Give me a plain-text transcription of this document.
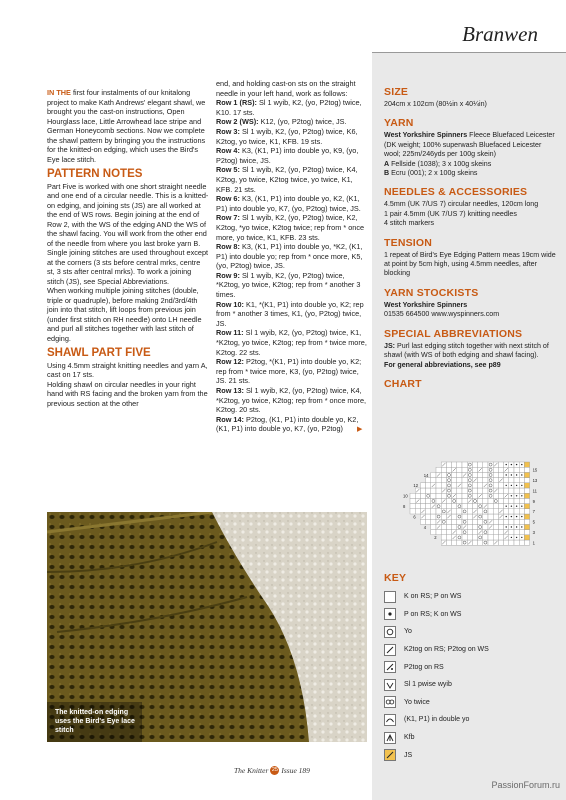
Branwen

IN THE first four instalments of our knitalong project to make Kath Andrews' elegant shawl, we brought you the cast-on instructions, Open Hourglass lace, Little Arrowhead lace stripe and German Honeycomb sections. Now we complete the shawl pattern by bringing you the instructions for the knitted-on edging, which uses the Bird's Eye lace stitch.

PATTERN NOTES

Part Five is worked with one short straight needle and one end of a circular needle. This is a knitted-on edging, and joining sts (JS) are all worked at the end of WS rows. Begin joining at the end of Row 2, with the WS of the edging AND the WS of the shawl facing. You will work from the other end of the needle from where you last broke yarn B. Single joining stitches are used throughout except at the corners (3 sts before central mrks, centre st, 3 sts after central mrks). To work a joining stitch (JS), see Special Abbreviations.

When working multiple joining stitches (double, triple or quadruple), before making 2nd/3rd/4th join into that stitch, lift loops from previous join (under first stitch on RH needle) onto LH needle and purl all stitches together with last stitch of edging.

SHAWL PART FIVE

Using 4.5mm straight knitting needles and yarn A, cast on 17 sts.

Holding shawl on circular needles in your right hand with RS facing and the broken yarn from the previous section at the other

end, and holding cast-on sts on the straight needle in your left hand, work as follows:

Row 1 (RS): Sl 1 wyib, K2, (yo, P2tog) twice, K10. 17 sts.

Row 2 (WS): K12, (yo, P2tog) twice, JS.

Row 3: Sl 1 wyib, K2, (yo, P2tog) twice, K6, K2tog, yo twice, K1, KFB. 19 sts.

Row 4: K3, (K1, P1) into double yo, K9, (yo, P2tog) twice, JS.

Row 5: Sl 1 wyib, K2, (yo, P2tog) twice, K4, K2tog, yo twice, K2tog twice, yo twice, K1, KFB. 21 sts.

Row 6: K3, (K1, P1) into double yo, K2, (K1, P1) into double yo, K7, (yo, P2tog) twice, JS.

Row 7: Sl 1 wyib, K2, (yo, P2tog) twice, K2, K2tog, *yo twice, K2tog twice; rep from * once more, yo twice, K1, KFB. 23 sts.

Row 8: K3, (K1, P1) into double yo, *K2, (K1, P1) into double yo; rep from * once more, K5, (yo, P2tog) twice, JS.

Row 9: Sl 1 wyib, K2, (yo, P2tog) twice, *K2tog, yo twice, K2tog; rep from * another 3 times.

Row 10: K1, *(K1, P1) into double yo, K2; rep from * another 3 times, K1, (yo, P2tog) twice, JS.

Row 11: Sl 1 wyib, K2, (yo, P2tog) twice, K1, *K2tog, yo twice, K2tog; rep from * twice more, K2tog. 22 sts.

Row 12: P2tog, *(K1, P1) into double yo, K2; rep from * twice more, K3, (yo, P2tog) twice, JS. 21 sts.

Row 13: Sl 1 wyib, K2, (yo, P2tog) twice, K4, *K2tog, yo twice, K2tog; rep from * once more, K2tog. 20 sts.

Row 14: P2tog, (K1, P1) into double yo, K2, (K1, P1) into double yo, K7, (yo, P2tog) ▶

The knitted-on edging uses the Bird's Eye lace stitch
SIZE
204cm x 102cm (80½in x 40¼in)
YARN
West Yorkshire Spinners Fleece Bluefaced Leicester (DK weight; 100% superwash Bluefaced Leicester wool; 225m/246yds per 100g skein)
A Fellside (1038); 3 x 100g skeins
B Ecru (001); 2 x 100g skeins
NEEDLES & ACCESSORIES
4.5mm (UK 7/US 7) circular needles, 120cm long
1 pair 4.5mm (UK 7/US 7) knitting needles
4 stitch markers
TENSION
1 repeat of Bird's Eye Edging Pattern meas 19cm wide at point by 5cm high, using 4.5mm needles, after blocking
YARN STOCKISTS
West Yorkshire Spinners
01535 664500 www.wyspinners.com
SPECIAL ABBREVIATIONS
JS: Purl last edging stitch together with next stitch of shawl (with WS of both edging and shawl facing).
For general abbreviations, see p89
CHART
15
13
11
9
7
5
3
1
14
12
10
8
6
4
2
KEY
K on RS; P on WS
P on RS; K on WS
Yo
K2tog on RS; P2tog on WS
P2tog on RS
Sl 1 pwise wyib
Yo twice
(K1, P1) in double yo
Kfb
JS
The Knitter 25 Issue 189
PassionForum.ru
